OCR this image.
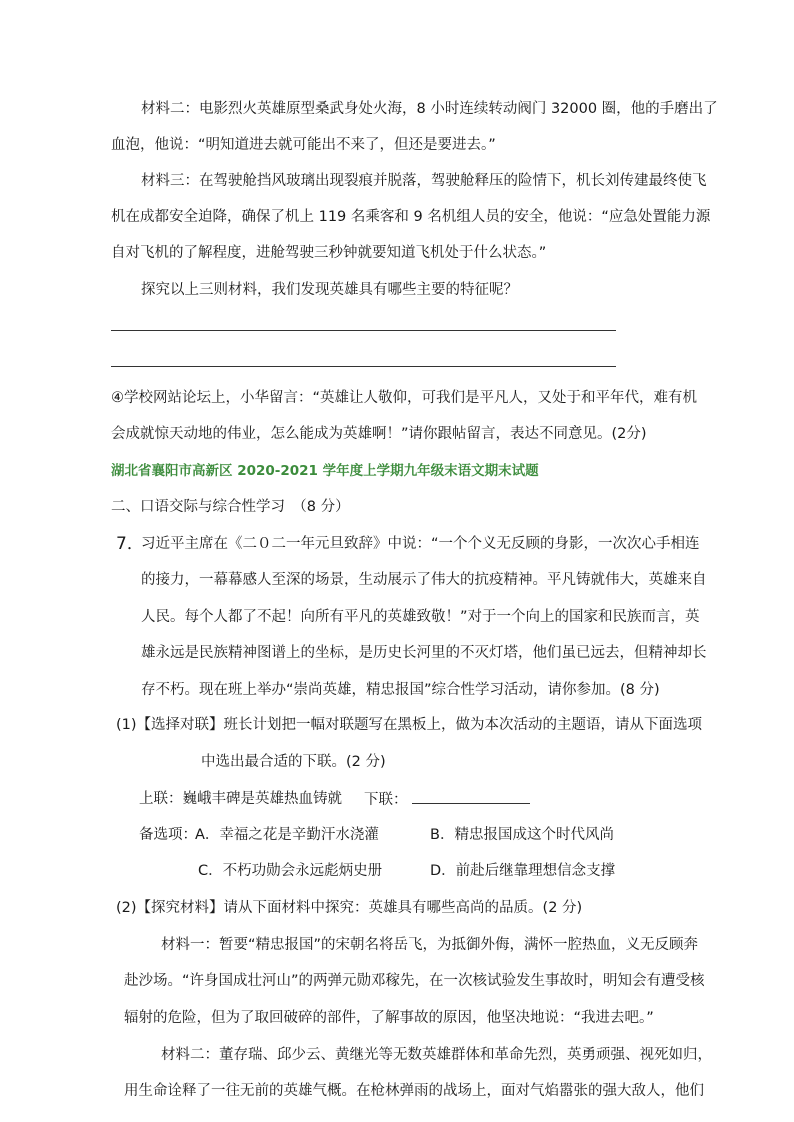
材料二：电影烈火英雄原型桑武身处火海，8 小时连续转动阀门 32000 圈，他的手磨出了
血泡，他说：“明知道进去就可能出不来了，但还是要进去。”
材料三：在驾驶舱挡风玻璃出现裂痕并脱落，驾驶舱释压的险情下，机长刘传建最终使飞
机在成都安全迫降，确保了机上 119 名乘客和 9 名机组人员的安全，他说：“应急处置能力源
自对飞机的了解程度，进舱驾驶三秒钟就要知道飞机处于什么状态。”
探究以上三则材料，我们发现英雄具有哪些主要的特征呢？
④学校网站论坛上，小华留言：“英雄让人敬仰，可我们是平凡人，又处于和平年代，难有机
会成就惊天动地的伟业，怎么能成为英雄啊！”请你跟帖留言，表达不同意见。(2分)
湖北省襄阳市高新区 2020-2021 学年度上学期九年级末语文期末试题
二、口语交际与综合性学习　（8 分）
7．
习近平主席在《二０二一年元旦致辞》中说：“一个个义无反顾的身影，一次次心手相连
的接力，一幕幕感人至深的场景，生动展示了伟大的抗疫精神。平凡铸就伟大，英雄来自
人民。每个人都了不起！向所有平凡的英雄致敬！”对于一个向上的国家和民族而言，英
雄永远是民族精神图谱上的坐标，是历史长河里的不灭灯塔，他们虽已远去，但精神却长
存不朽。现在班上举办“崇尚英雄，精忠报国”综合性学习活动，请你参加。(8 分)
(1)【选择对联】班长计划把一幅对联题写在黑板上，做为本次活动的主题语，请从下面选项
中选出最合适的下联。(2 分)
上联：巍峨丰碑是英雄热血铸就 下联：
备选项：
A．幸福之花是辛勤汗水浇灌	B．精忠报国成这个时代风尚
C．不朽功勋会永远彪炳史册	D．前赴后继靠理想信念支撑
(2)【探究材料】请从下面材料中探究：英雄具有哪些高尚的品质。(2 分)
材料一：暂要“精忠报国”的宋朝名将岳飞，为抵御外侮，满怀一腔热血，义无反顾奔
赴沙场。“许身国成壮河山”的两弹元勋邓稼先，在一次核试验发生事故时，明知会有遭受核
辐射的危险，但为了取回破碎的部件，了解事故的原因，他坚决地说：“我进去吧。”
材料二：董存瑞、邱少云、黄继光等无数英雄群体和革命先烈，英勇顽强、视死如归，
用生命诠释了一往无前的英雄气概。在枪林弹雨的战场上，面对气焰嚣张的强大敌人，他们
